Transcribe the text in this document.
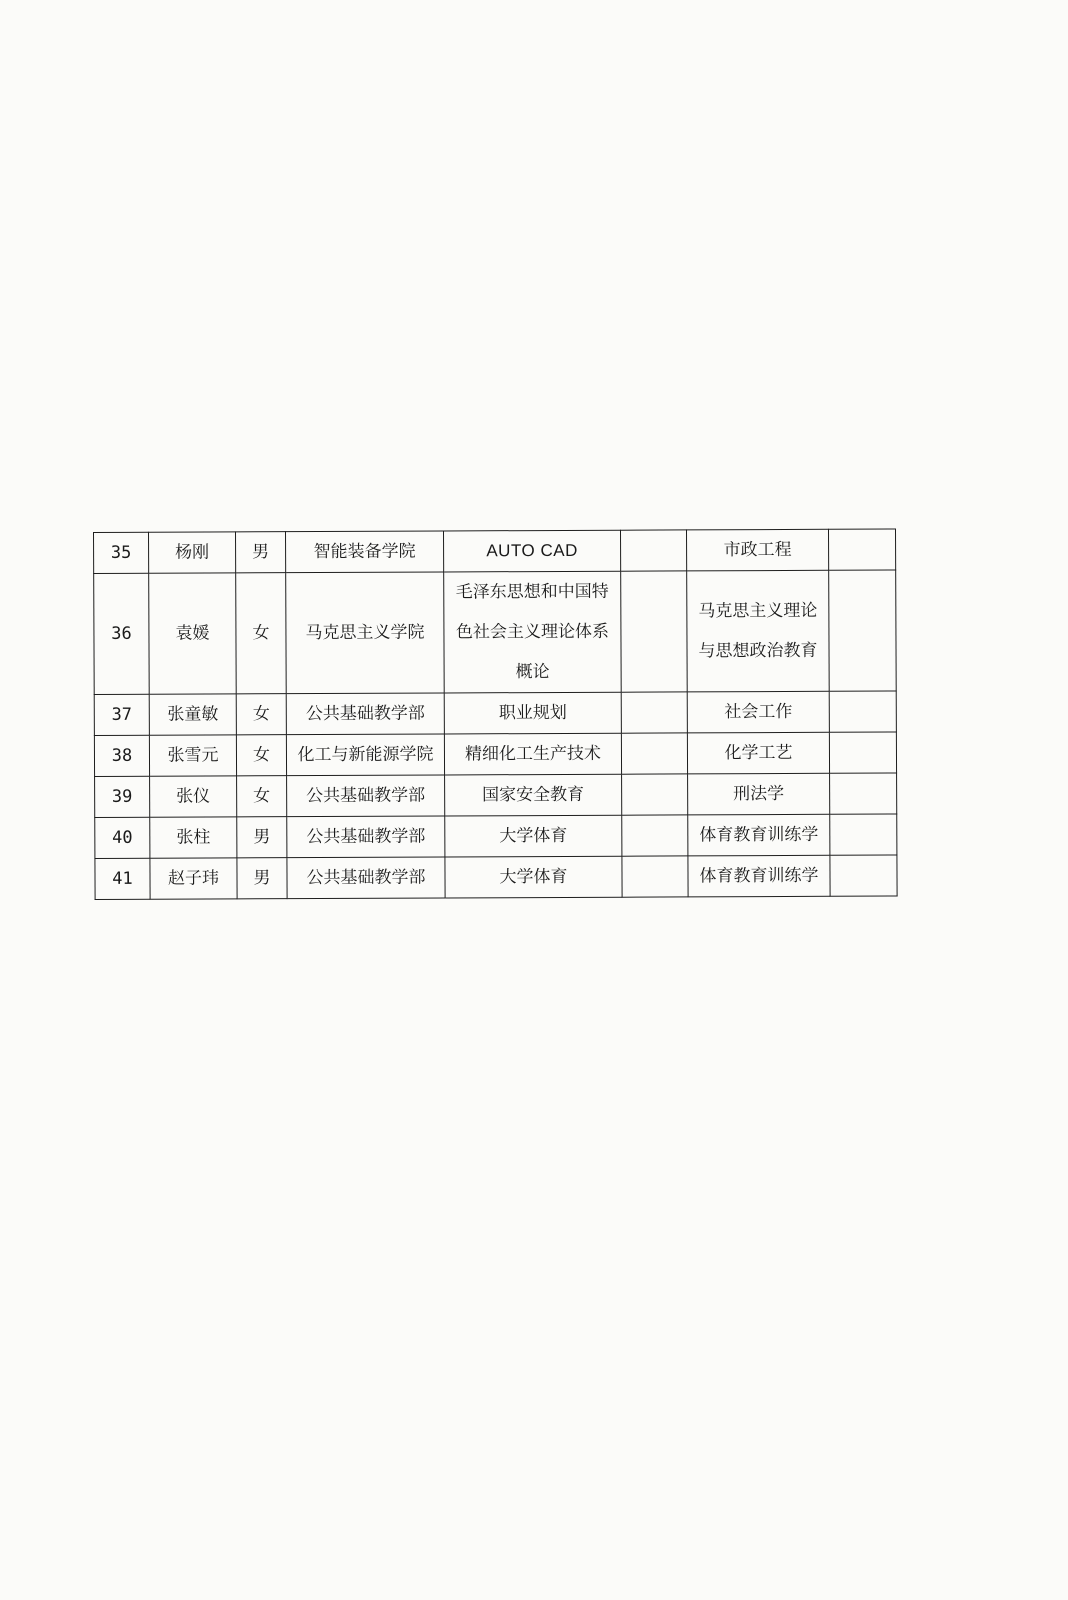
35	杨刚	男	智能装备学院	AUTO CAD		市政工程	
36	袁媛	女	马克思主义学院	毛泽东思想和中国特色社会主义理论体系概论		马克思主义理论与思想政治教育	
37	张童敏	女	公共基础教学部	职业规划		社会工作	
38	张雪元	女	化工与新能源学院	精细化工生产技术		化学工艺	
39	张仪	女	公共基础教学部	国家安全教育		刑法学	
40	张柱	男	公共基础教学部	大学体育		体育教育训练学	
41	赵子玮	男	公共基础教学部	大学体育		体育教育训练学	
